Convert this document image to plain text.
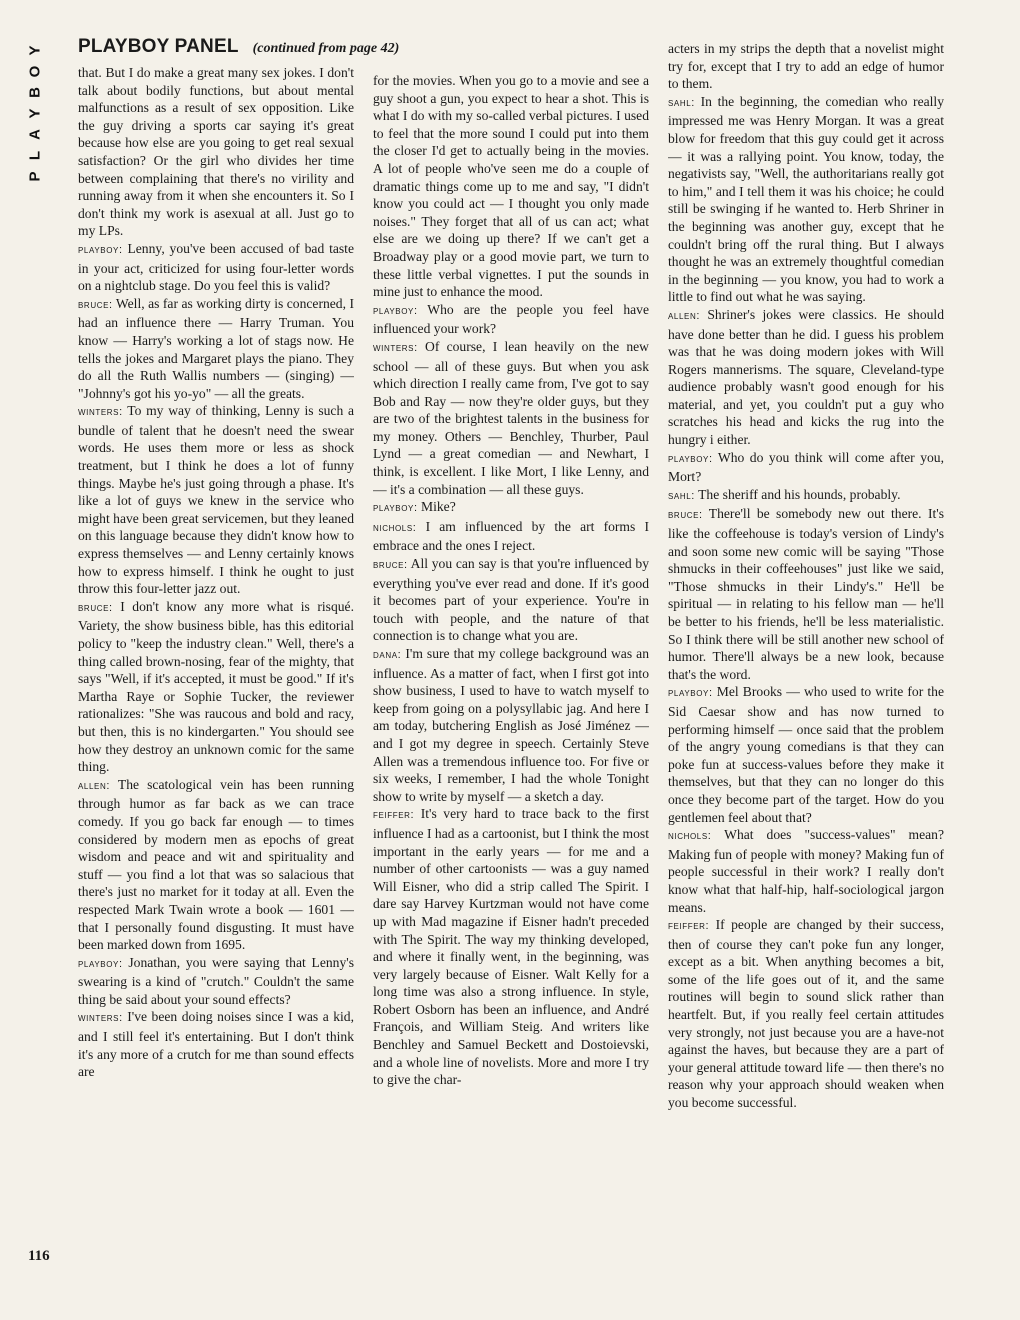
Y
O
B
Y
A
L
P
PLAYBOY PANEL (continued from page 42)

that. But I do make a great many sex jokes. I don't talk about bodily functions, but about mental malfunctions as a result of sex opposition. Like the guy driving a sports car saying it's great because how else are you going to get real sexual satisfaction? Or the girl who divides her time between complaining that there's no virility and running away from it when she encounters it. So I don't think my work is asexual at all. Just go to my LPs.

playboy: Lenny, you've been accused of bad taste in your act, criticized for using four-letter words on a nightclub stage. Do you feel this is valid?

bruce: Well, as far as working dirty is concerned, I had an influence there — Harry Truman. You know — Harry's working a lot of stags now. He tells the jokes and Margaret plays the piano. They do all the Ruth Wallis numbers — (singing) — "Johnny's got his yo-yo" — all the greats.

winters: To my way of thinking, Lenny is such a bundle of talent that he doesn't need the swear words. He uses them more or less as shock treatment, but I think he does a lot of funny things. Maybe he's just going through a phase. It's like a lot of guys we knew in the service who might have been great servicemen, but they leaned on this language because they didn't know how to express themselves — and Lenny certainly knows how to express himself. I think he ought to just throw this four-letter jazz out.

bruce: I don't know any more what is risqué. Variety, the show business bible, has this editorial policy to "keep the industry clean." Well, there's a thing called brown-nosing, fear of the mighty, that says "Well, if it's accepted, it must be good." If it's Martha Raye or Sophie Tucker, the reviewer rationalizes: "She was raucous and bold and racy, but then, this is no kindergarten." You should see how they destroy an unknown comic for the same thing.

allen: The scatological vein has been running through humor as far back as we can trace comedy. If you go back far enough — to times considered by modern men as epochs of great wisdom and peace and wit and spirituality and stuff — you find a lot that was so salacious that there's just no market for it today at all. Even the respected Mark Twain wrote a book — 1601 — that I personally found disgusting. It must have been marked down from 1695.

playboy: Jonathan, you were saying that Lenny's swearing is a kind of "crutch." Couldn't the same thing be said about your sound effects?

winters: I've been doing noises since I was a kid, and I still feel it's entertaining. But I don't think it's any more of a crutch for me than sound effects are

for the movies. When you go to a movie and see a guy shoot a gun, you expect to hear a shot. This is what I do with my so-called verbal pictures. I used to feel that the more sound I could put into them the closer I'd get to actually being in the movies. A lot of people who've seen me do a couple of dramatic things come up to me and say, "I didn't know you could act — I thought you only made noises." They forget that all of us can act; what else are we doing up there? If we can't get a Broadway play or a good movie part, we turn to these little verbal vignettes. I put the sounds in mine just to enhance the mood.

playboy: Who are the people you feel have influenced your work?

winters: Of course, I lean heavily on the new school — all of these guys. But when you ask which direction I really came from, I've got to say Bob and Ray — now they're older guys, but they are two of the brightest talents in the business for my money. Others — Benchley, Thurber, Paul Lynd — a great comedian — and Newhart, I think, is excellent. I like Mort, I like Lenny, and — it's a combination — all these guys.

playboy: Mike?

nichols: I am influenced by the art forms I embrace and the ones I reject.

bruce: All you can say is that you're influenced by everything you've ever read and done. If it's good it becomes part of your experience. You're in touch with people, and the nature of that connection is to change what you are.

dana: I'm sure that my college background was an influence. As a matter of fact, when I first got into show business, I used to have to watch myself to keep from going on a polysyllabic jag. And here I am today, butchering English as José Jiménez — and I got my degree in speech. Certainly Steve Allen was a tremendous influence too. For five or six weeks, I remember, I had the whole Tonight show to write by myself — a sketch a day.

feiffer: It's very hard to trace back to the first influence I had as a cartoonist, but I think the most important in the early years — for me and a number of other cartoonists — was a guy named Will Eisner, who did a strip called The Spirit. I dare say Harvey Kurtzman would not have come up with Mad magazine if Eisner hadn't preceded with The Spirit. The way my thinking developed, and where it finally went, in the beginning, was very largely because of Eisner. Walt Kelly for a long time was also a strong influence. In style, Robert Osborn has been an influence, and André François, and William Steig. And writers like Benchley and Samuel Beckett and Dostoievski, and a whole line of novelists. More and more I try to give the char-

acters in my strips the depth that a novelist might try for, except that I try to add an edge of humor to them.

sahl: In the beginning, the comedian who really impressed me was Henry Morgan. It was a great blow for freedom that this guy could get it across — it was a rallying point. You know, today, the negativists say, "Well, the authoritarians really got to him," and I tell them it was his choice; he could still be swinging if he wanted to. Herb Shriner in the beginning was another guy, except that he couldn't bring off the rural thing. But I always thought he was an extremely thoughtful comedian in the beginning — you know, you had to work a little to find out what he was saying.

allen: Shriner's jokes were classics. He should have done better than he did. I guess his problem was that he was doing modern jokes with Will Rogers mannerisms. The square, Cleveland-type audience probably wasn't good enough for his material, and yet, you couldn't put a guy who scratches his head and kicks the rug into the hungry i either.

playboy: Who do you think will come after you, Mort?

sahl: The sheriff and his hounds, probably.

bruce: There'll be somebody new out there. It's like the coffeehouse is today's version of Lindy's and soon some new comic will be saying "Those shmucks in their coffeehouses" just like we said, "Those shmucks in their Lindy's." He'll be spiritual — in relating to his fellow man — he'll be better to his friends, he'll be less materialistic. So I think there will be still another new school of humor. There'll always be a new look, because that's the word.

playboy: Mel Brooks — who used to write for the Sid Caesar show and has now turned to performing himself — once said that the problem of the angry young comedians is that they can poke fun at success-values before they make it themselves, but that they can no longer do this once they become part of the target. How do you gentlemen feel about that?

nichols: What does "success-values" mean? Making fun of people with money? Making fun of people successful in their work? I really don't know what that half-hip, half-sociological jargon means.

feiffer: If people are changed by their success, then of course they can't poke fun any longer, except as a bit. When anything becomes a bit, some of the life goes out of it, and the same routines will begin to sound slick rather than heartfelt. But, if you really feel certain attitudes very strongly, not just because you are a have-not against the haves, but because they are a part of your general attitude toward life — then there's no reason why your approach should weaken when you become successful.

116
